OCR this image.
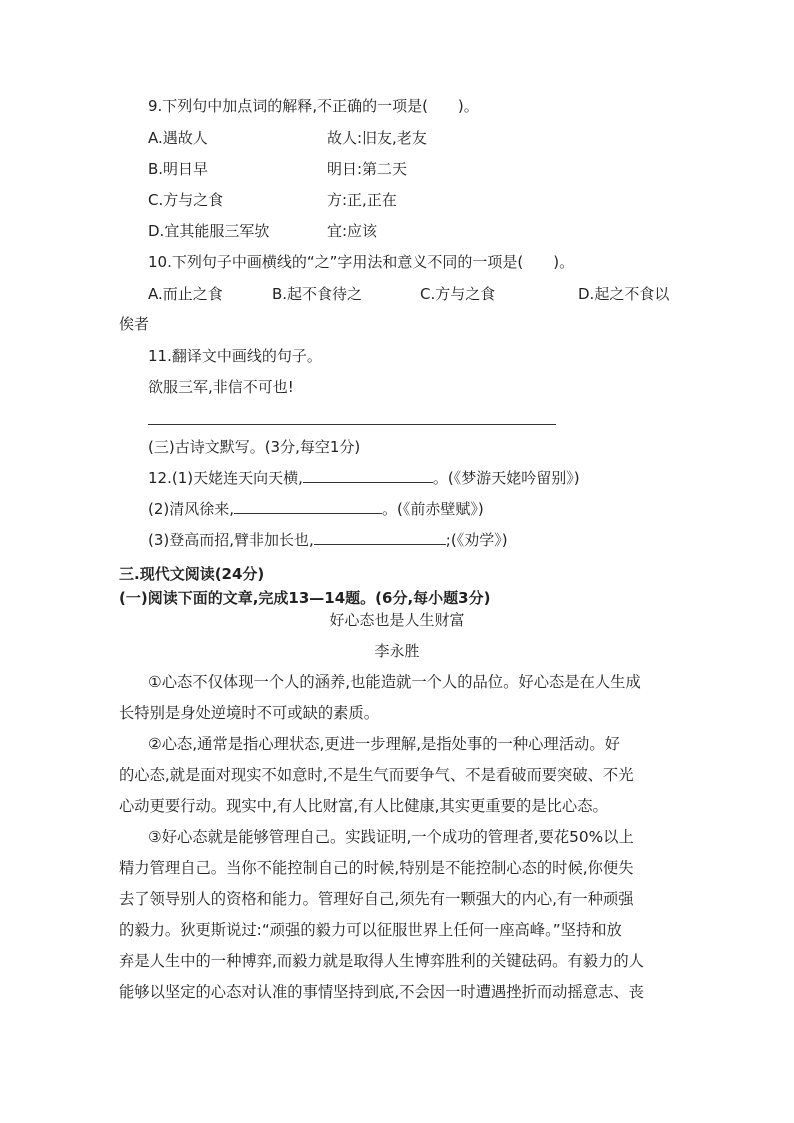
9.下列句中加点词的解释,不正确的一项是(　　)。
A.遇故人	故人:旧友,老友
B.明日早	明日:第二天
C.方与之食	方:正,正在
D.宜其能服三军欤	宜:应该
10.下列句子中画横线的“之”字用法和意义不同的一项是(　　)。
A.而止之食	B.起不食待之	C.方与之食	D.起之不食以
俟者
11.翻译文中画线的句子。
欲服三军,非信不可也!
(三)古诗文默写。(3分,每空1分)
12.(1)天姥连天向天横,	。(《梦游天姥吟留别》)
(2)清风徐来,	。(《前赤壁赋》)
(3)登高而招,臂非加长也,	;(《劝学》)
三.现代文阅读(24分)
(一)阅读下面的文章,完成13—14题。(6分,每小题3分)
好心态也是人生财富
李永胜
①心态不仅体现一个人的涵养,也能造就一个人的品位。好心态是在人生成
长特别是身处逆境时不可或缺的素质。
②心态,通常是指心理状态,更进一步理解,是指处事的一种心理活动。好
的心态,就是面对现实不如意时,不是生气而要争气、不是看破而要突破、不光
心动更要行动。现实中,有人比财富,有人比健康,其实更重要的是比心态。
③好心态就是能够管理自己。实践证明,一个成功的管理者,要花50%以上
精力管理自己。当你不能控制自己的时候,特别是不能控制心态的时候,你便失
去了领导别人的资格和能力。管理好自己,须先有一颗强大的内心,有一种顽强
的毅力。狄更斯说过:“顽强的毅力可以征服世界上任何一座高峰。”坚持和放
弃是人生中的一种博弈,而毅力就是取得人生博弈胜利的关键砝码。有毅力的人
能够以坚定的心态对认准的事情坚持到底,不会因一时遭遇挫折而动摇意志、丧
